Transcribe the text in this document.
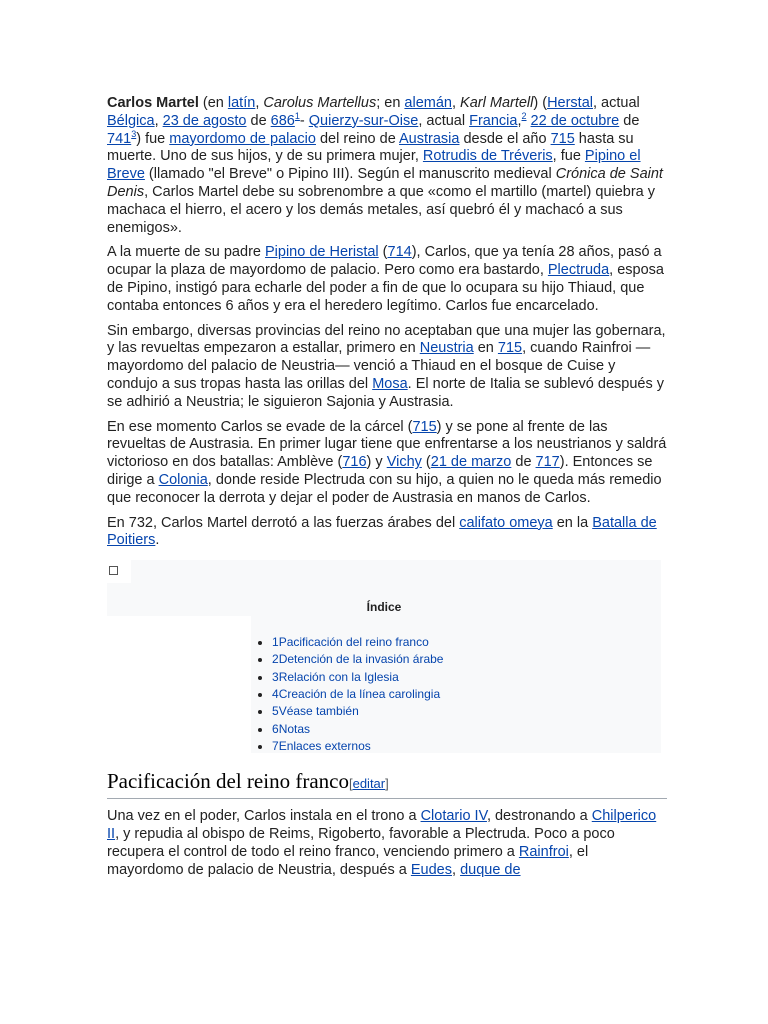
Carlos Martel (en latín, Carolus Martellus; en alemán, Karl Martell) (Herstal, actual Bélgica, 23 de agosto de $686^1-$ Quierzy-sur-Oise, actual Francia,$^2$ 22 de octubre de $741^3$) fue mayordomo de palacio del reino de Austrasia desde el año 715 hasta su muerte. Uno de sus hijos, y de su primera mujer, Rotrudis de Tréveris, fue Pipino el Breve (llamado "el Breve" o Pipino III). Según el manuscrito medieval Crónica de Saint Denis, Carlos Martel debe su sobrenombre a que «como el martillo (martel) quiebra y machaca el hierro, el acero y los demás metales, así quebró él y machacó a sus enemigos».

A la muerte de su padre Pipino de Heristal (714), Carlos, que ya tenía 28 años, pasó a ocupar la plaza de mayordomo de palacio. Pero como era bastardo, Plectruda, esposa de Pipino, instigó para echarle del poder a fin de que lo ocupara su hijo Thiaud, que contaba entonces 6 años y era el heredero legítimo. Carlos fue encarcelado.

Sin embargo, diversas provincias del reino no aceptaban que una mujer las gobernara, y las revueltas empezaron a estallar, primero en Neustria en 715, cuando Rainfroi —mayordomo del palacio de Neustria— venció a Thiaud en el bosque de Cuise y condujo a sus tropas hasta las orillas del Mosa. El norte de Italia se sublevó después y se adhirió a Neustria; le siguieron Sajonia y Austrasia.

En ese momento Carlos se evade de la cárcel (715) y se pone al frente de las revueltas de Austrasia. En primer lugar tiene que enfrentarse a los neustrianos y saldrá victorioso en dos batallas: Amblève (716) y Vichy (21 de marzo de 717). Entonces se dirige a Colonia, donde reside Plectruda con su hijo, a quien no le queda más remedio que reconocer la derrota y dejar el poder de Austrasia en manos de Carlos.

En 732, Carlos Martel derrotó a las fuerzas árabes del califato omeya en la Batalla de Poitiers.

Índice
• 1Pacificación del reino franco
• 2Detención de la invasión árabe
• 3Relación con la Iglesia
• 4Creación de la línea carolingia
• 5Véase también
• 6Notas
• 7Enlaces externos
Pacificación del reino franco[editar]

Una vez en el poder, Carlos instala en el trono a Clotario IV, destronando a Chilperico II, y repudia al obispo de Reims, Rigoberto, favorable a Plectruda. Poco a poco recupera el control de todo el reino franco, venciendo primero a Rainfroi, el mayordomo de palacio de Neustria, después a Eudes, duque de
